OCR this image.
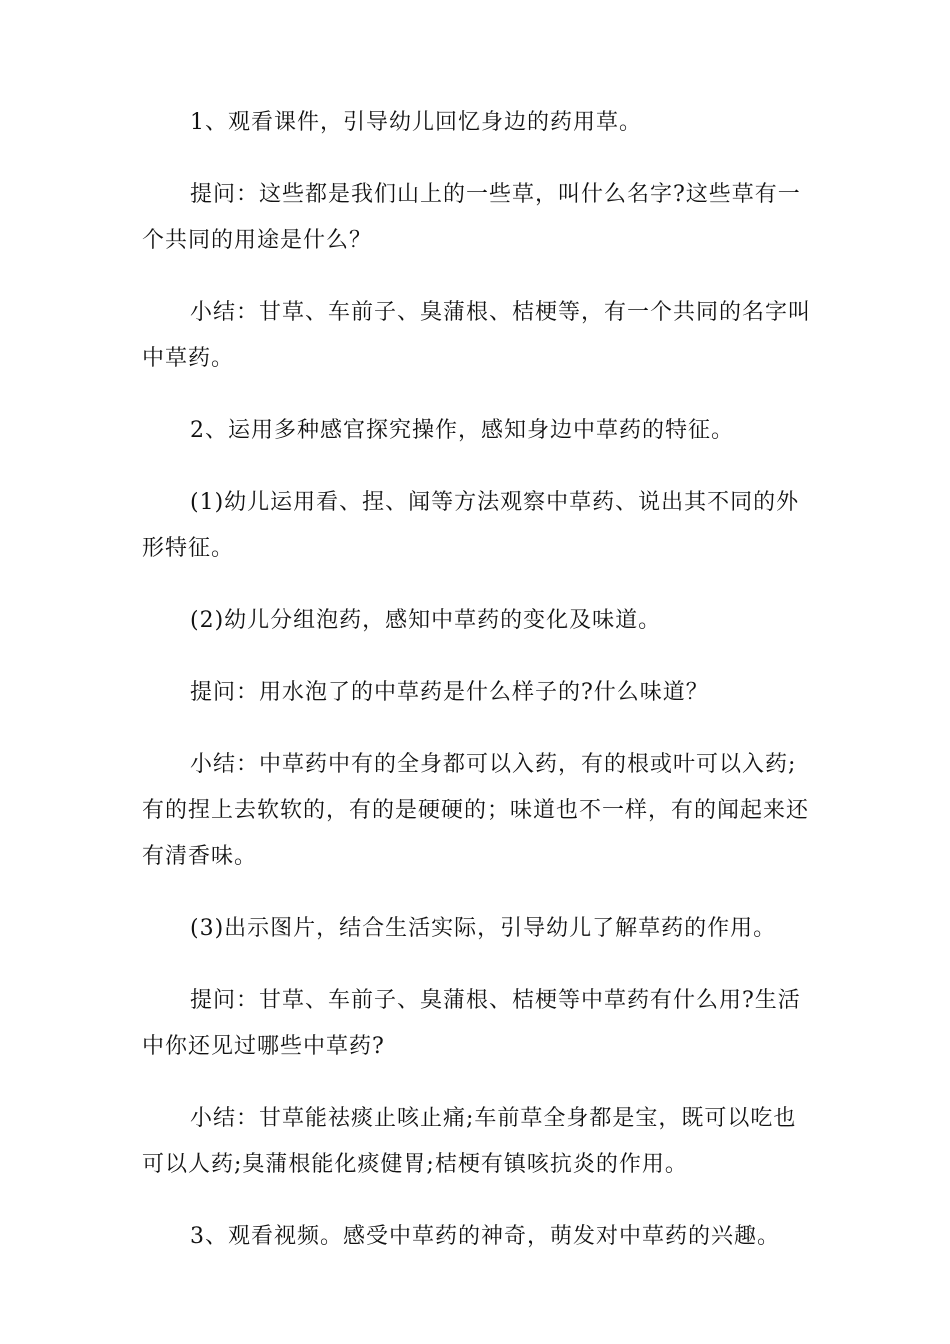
1、观看课件，引导幼儿回忆身边的药用草。

提问：这些都是我们山上的一些草，叫什么名字?这些草有一个共同的用途是什么？

小结：甘草、车前子、臭蒲根、桔梗等，有一个共同的名字叫中草药。

2、运用多种感官探究操作，感知身边中草药的特征。

(1)幼儿运用看、捏、闻等方法观察中草药、说出其不同的外形特征。

(2)幼儿分组泡药，感知中草药的变化及味道。

提问：用水泡了的中草药是什么样子的?什么味道？

小结：中草药中有的全身都可以入药，有的根或叶可以入药;有的捏上去软软的，有的是硬硬的；味道也不一样，有的闻起来还有清香味。

(3)出示图片，结合生活实际，引导幼儿了解草药的作用。

提问：甘草、车前子、臭蒲根、桔梗等中草药有什么用?生活中你还见过哪些中草药?

小结：甘草能祛痰止咳止痛;车前草全身都是宝，既可以吃也可以人药;臭蒲根能化痰健胃;桔梗有镇咳抗炎的作用。

3、观看视频。感受中草药的神奇，萌发对中草药的兴趣。
